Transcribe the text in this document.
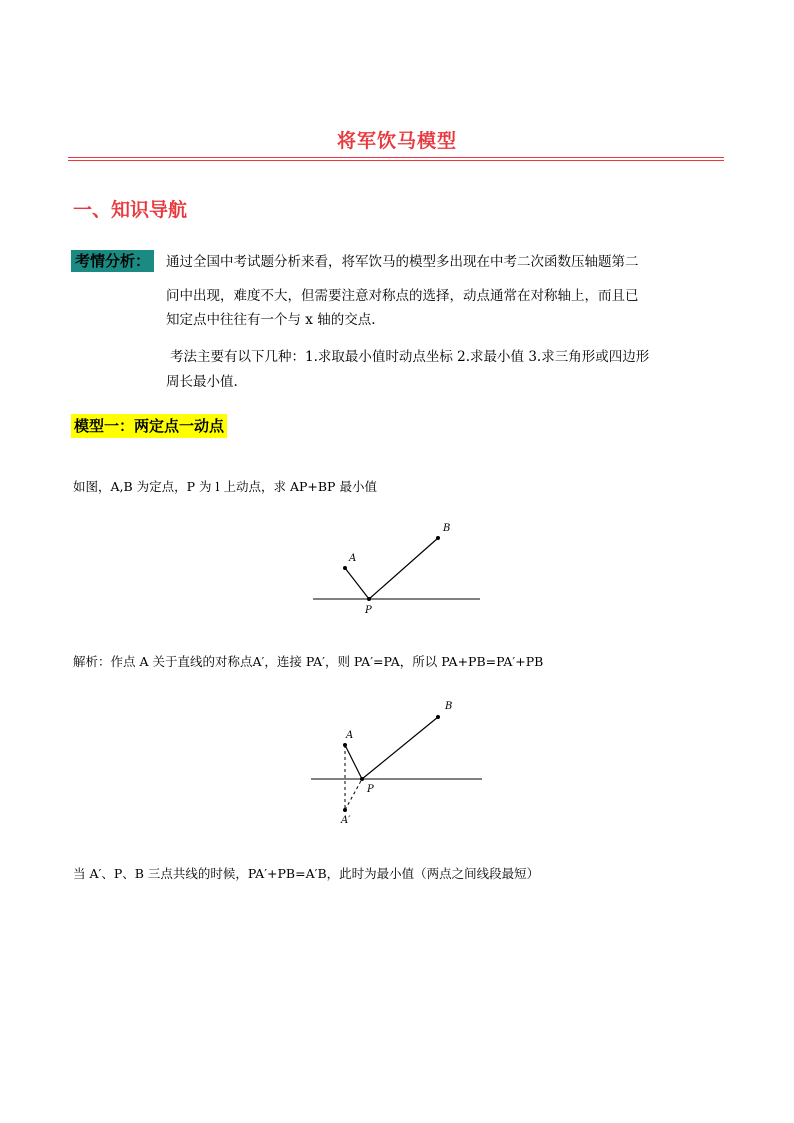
将军饮马模型
一、知识导航
考情分析： 通过全国中考试题分析来看，将军饮马的模型多出现在中考二次函数压轴题第二
问中出现，难度不大，但需要注意对称点的选择，动点通常在对称轴上，而且已
知定点中往往有一个与 x 轴的交点.
考法主要有以下几种：1.求取最小值时动点坐标 2.求最小值 3.求三角形或四边形
周长最小值.
模型一：两定点一动点
如图，A,B 为定点，P 为 l 上动点，求 AP+BP 最小值
A
B
P
解析：作点 A 关于直线的对称点A′，连接 PA′，则 PA′=PA，所以 PA+PB=PA′+PB
A
B
P
A′
当 A′、P、B 三点共线的时候，PA′+PB=A′B，此时为最小值（两点之间线段最短）
